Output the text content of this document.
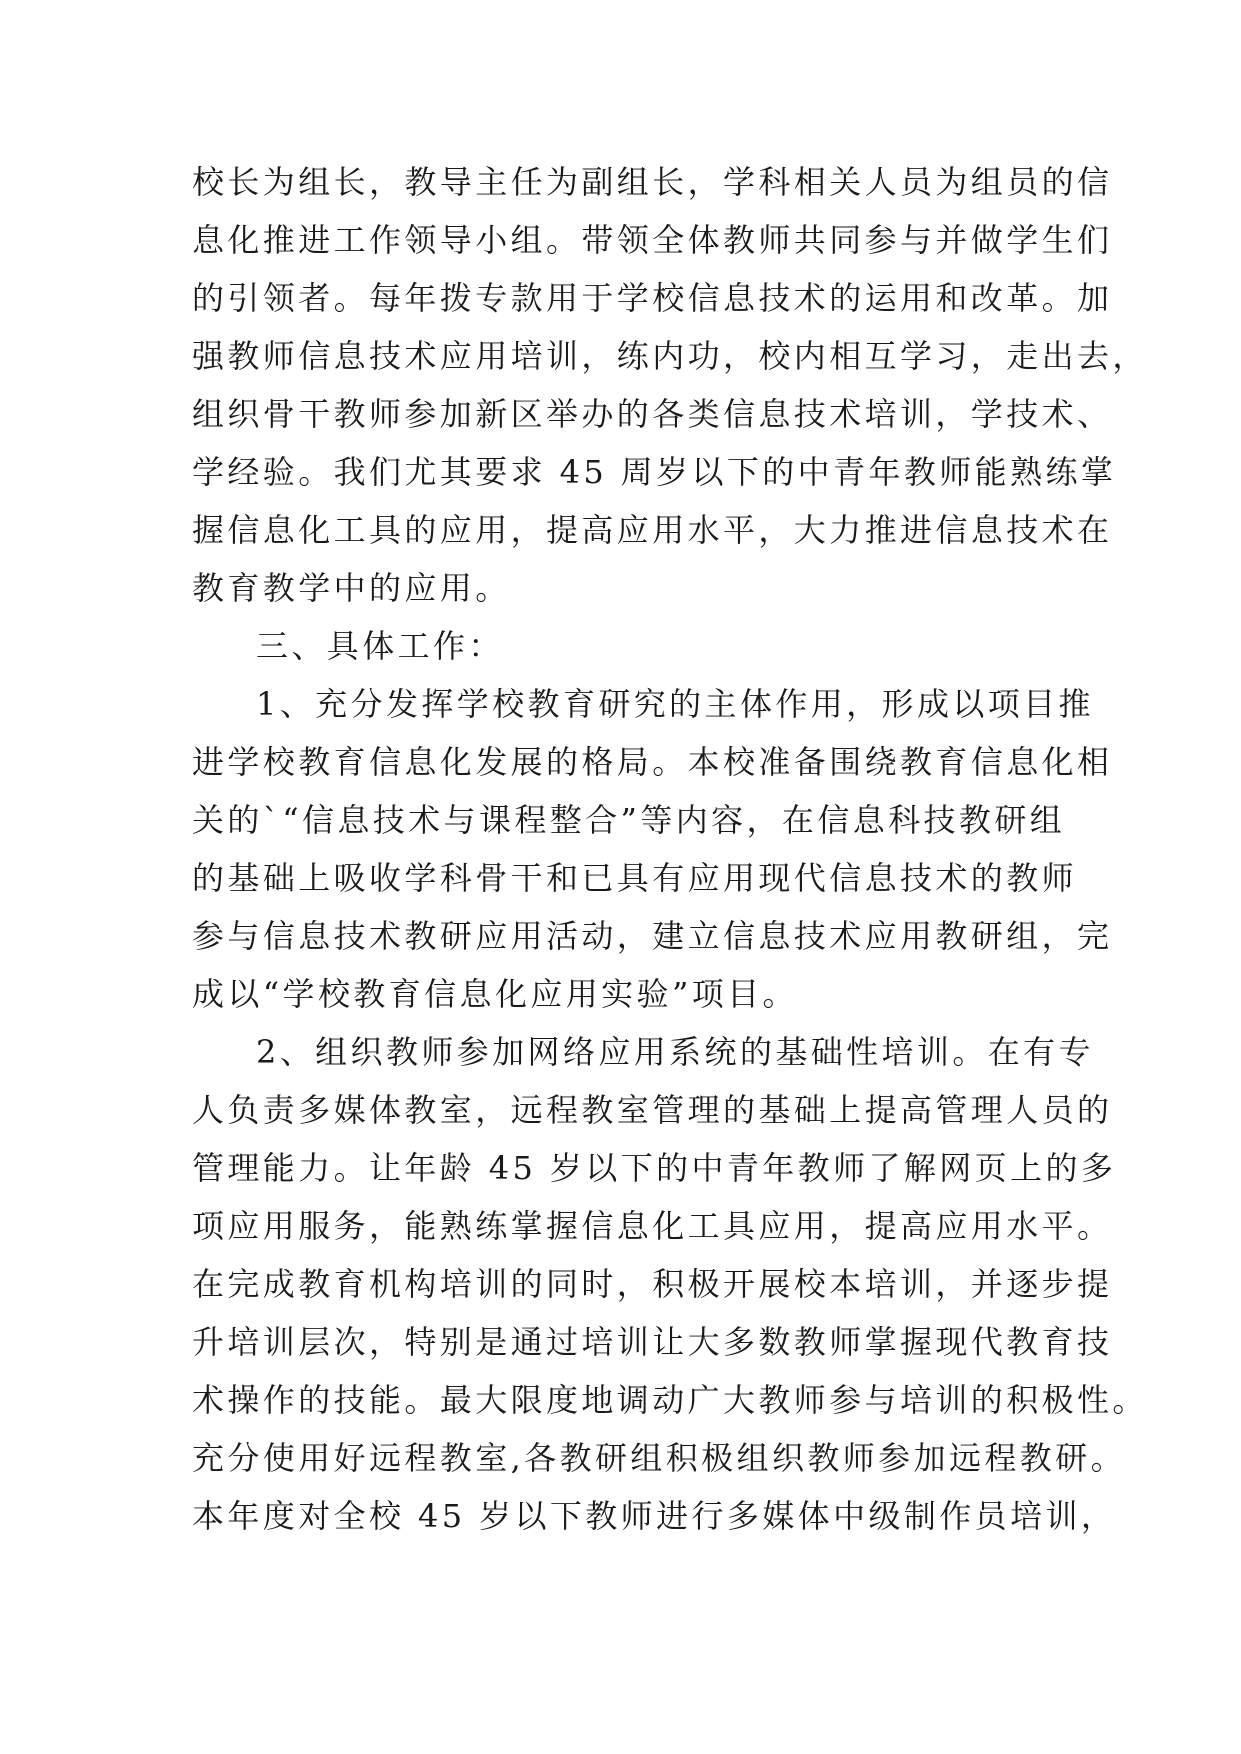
校长为组长，教导主任为副组长，学科相关人员为组员的信
息化推进工作领导小组。带领全体教师共同参与并做学生们
的引领者。每年拨专款用于学校信息技术的运用和改革。加
强教师信息技术应用培训，练内功，校内相互学习，走出去，
组织骨干教师参加新区举办的各类信息技术培训，学技术、
学经验。我们尤其要求 45 周岁以下的中青年教师能熟练掌
握信息化工具的应用，提高应用水平，大力推进信息技术在
教育教学中的应用。
三、具体工作：
1、充分发挥学校教育研究的主体作用，形成以项目推
进学校教育信息化发展的格局。本校准备围绕教育信息化相
关的`“信息技术与课程整合”等内容，在信息科技教研组
的基础上吸收学科骨干和已具有应用现代信息技术的教师
参与信息技术教研应用活动，建立信息技术应用教研组，完
成以“学校教育信息化应用实验”项目。
2、组织教师参加网络应用系统的基础性培训。在有专
人负责多媒体教室，远程教室管理的基础上提高管理人员的
管理能力。让年龄 45 岁以下的中青年教师了解网页上的多
项应用服务，能熟练掌握信息化工具应用，提高应用水平。
在完成教育机构培训的同时，积极开展校本培训，并逐步提
升培训层次，特别是通过培训让大多数教师掌握现代教育技
术操作的技能。最大限度地调动广大教师参与培训的积极性。
充分使用好远程教室,各教研组积极组织教师参加远程教研。
本年度对全校 45 岁以下教师进行多媒体中级制作员培训，
